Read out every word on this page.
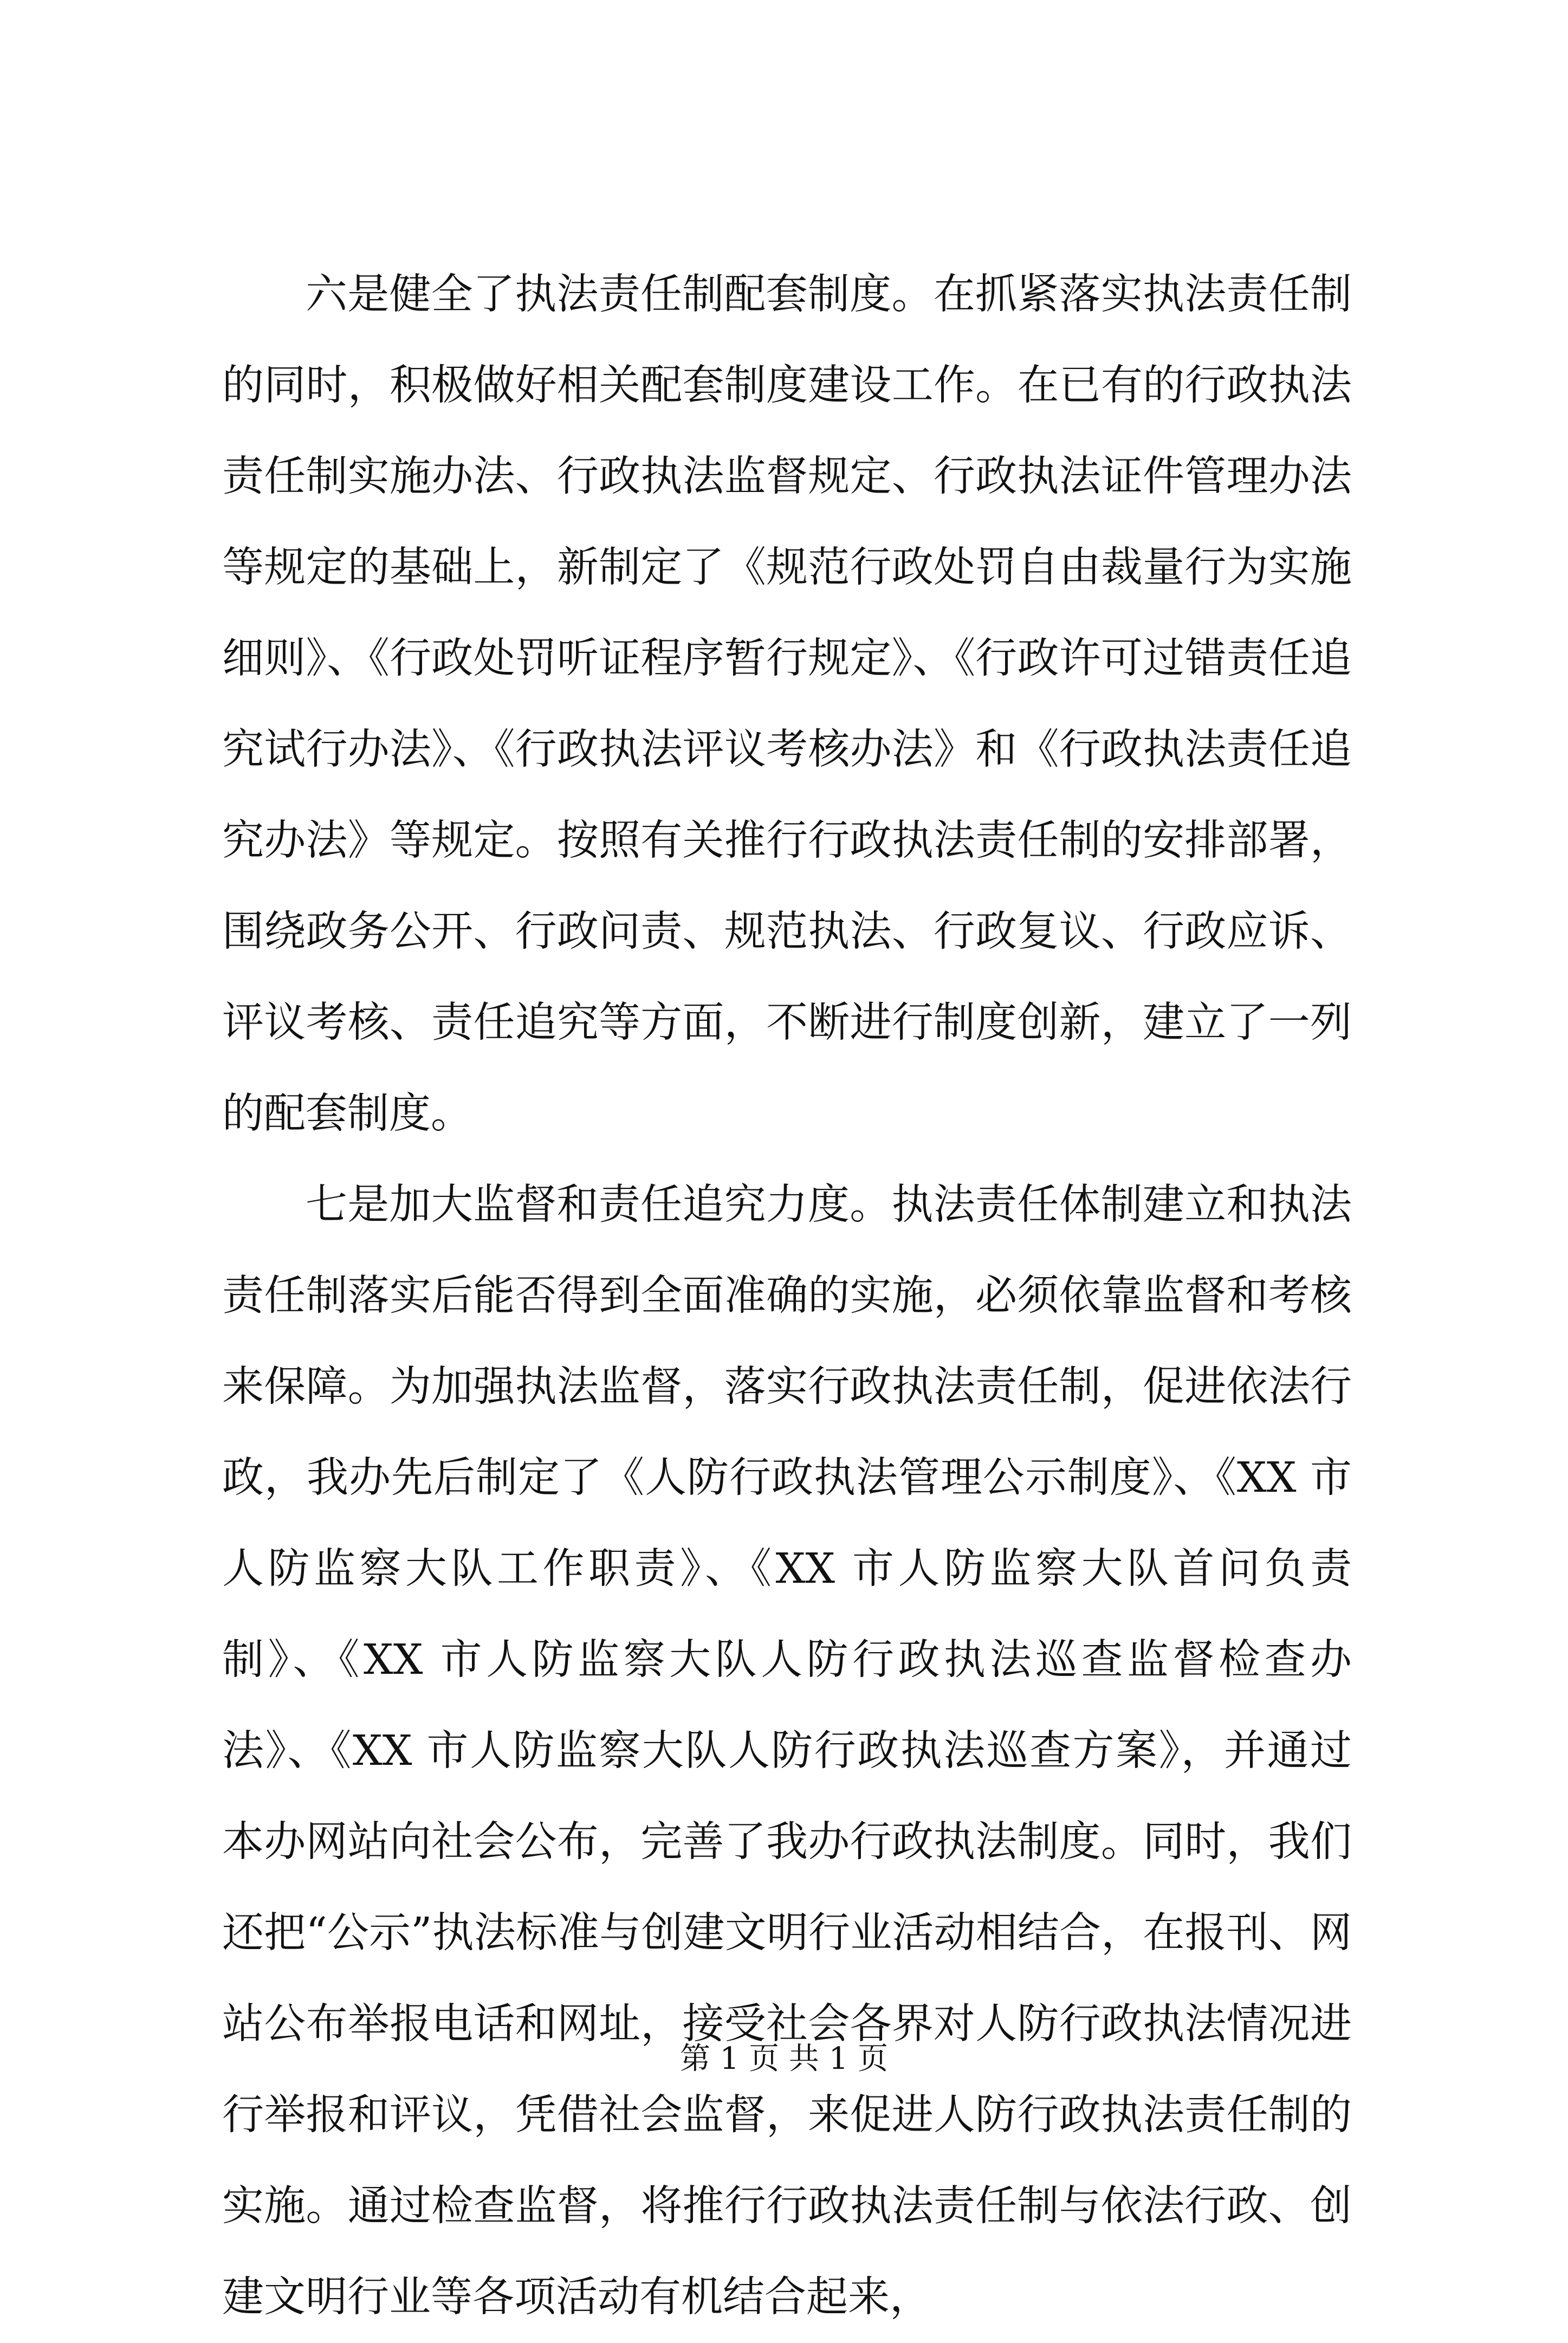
六是健全了执法责任制配套制度。在抓紧落实执法责任制的同时，积极做好相关配套制度建设工作。在已有的行政执法责任制实施办法、行政执法监督规定、行政执法证件管理办法等规定的基础上，新制定了《规范行政处罚自由裁量行为实施细则》、《行政处罚听证程序暂行规定》、《行政许可过错责任追究试行办法》、《行政执法评议考核办法》和《行政执法责任追究办法》等规定。按照有关推行行政执法责任制的安排部署，围绕政务公开、行政问责、规范执法、行政复议、行政应诉、评议考核、责任追究等方面，不断进行制度创新，建立了一列的配套制度。

七是加大监督和责任追究力度。执法责任体制建立和执法责任制落实后能否得到全面准确的实施，必须依靠监督和考核来保障。为加强执法监督，落实行政执法责任制，促进依法行政，我办先后制定了《人防行政执法管理公示制度》、《XX 市人防监察大队工作职责》、《XX 市人防监察大队首问负责制》、《XX 市人防监察大队人防行政执法巡查监督检查办法》、《XX 市人防监察大队人防行政执法巡查方案》，并通过本办网站向社会公布，完善了我办行政执法制度。同时，我们还把“公示”执法标准与创建文明行业活动相结合，在报刊、网站公布举报电话和网址，接受社会各界对人防行政执法情况进行举报和评议，凭借社会监督，来促进人防行政执法责任制的实施。通过检查监督，将推行行政执法责任制与依法行政、创建文明行业等各项活动有机结合起来，

第 1 页 共 1 页
